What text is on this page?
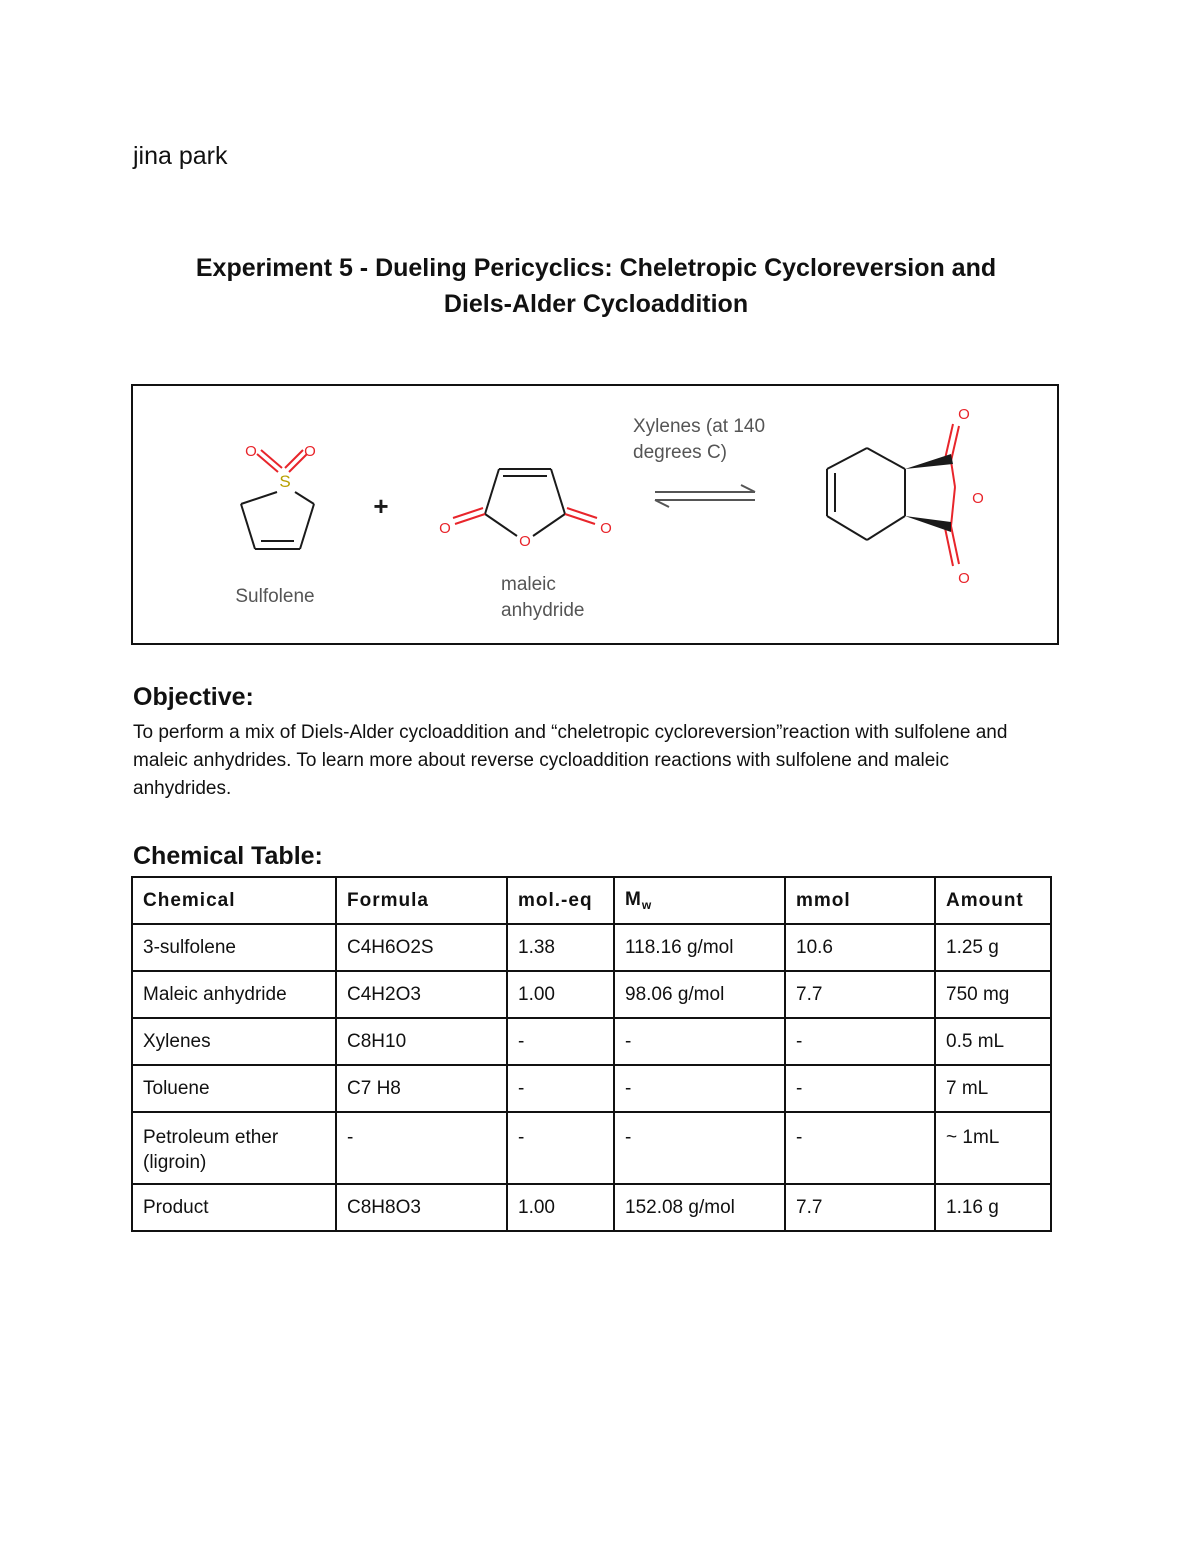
jina park
Experiment 5 - Dueling Pericyclics: Cheletropic Cycloreversion and
Diels-Alder Cycloaddition
S
O	O
Sulfolene
+
O
O	O
maleic
anhydride
Xylenes (at 140
degrees C)
O
O
O
Objective:
To perform a mix of Diels-Alder cycloaddition and “cheletropic cycloreversion”reaction with sulfolene and maleic anhydrides. To learn more about reverse cycloaddition reactions with sulfolene and maleic anhydrides.
Chemical Table:
Chemical	Formula	mol.-eq	$M_w$	mmol	Amount
3-sulfolene	C4H6O2S	1.38	118.16 g/mol	10.6	1.25 g
Maleic anhydride	C4H2O3	1.00	98.06 g/mol	7.7	750 mg
Xylenes	C8H10	-	-	-	0.5 mL
Toluene	C7 H8	-	-	-	7 mL
Petroleum ether (ligroin)	-	-	-	-	~ 1mL
Product	C8H8O3	1.00	152.08 g/mol	7.7	1.16 g
